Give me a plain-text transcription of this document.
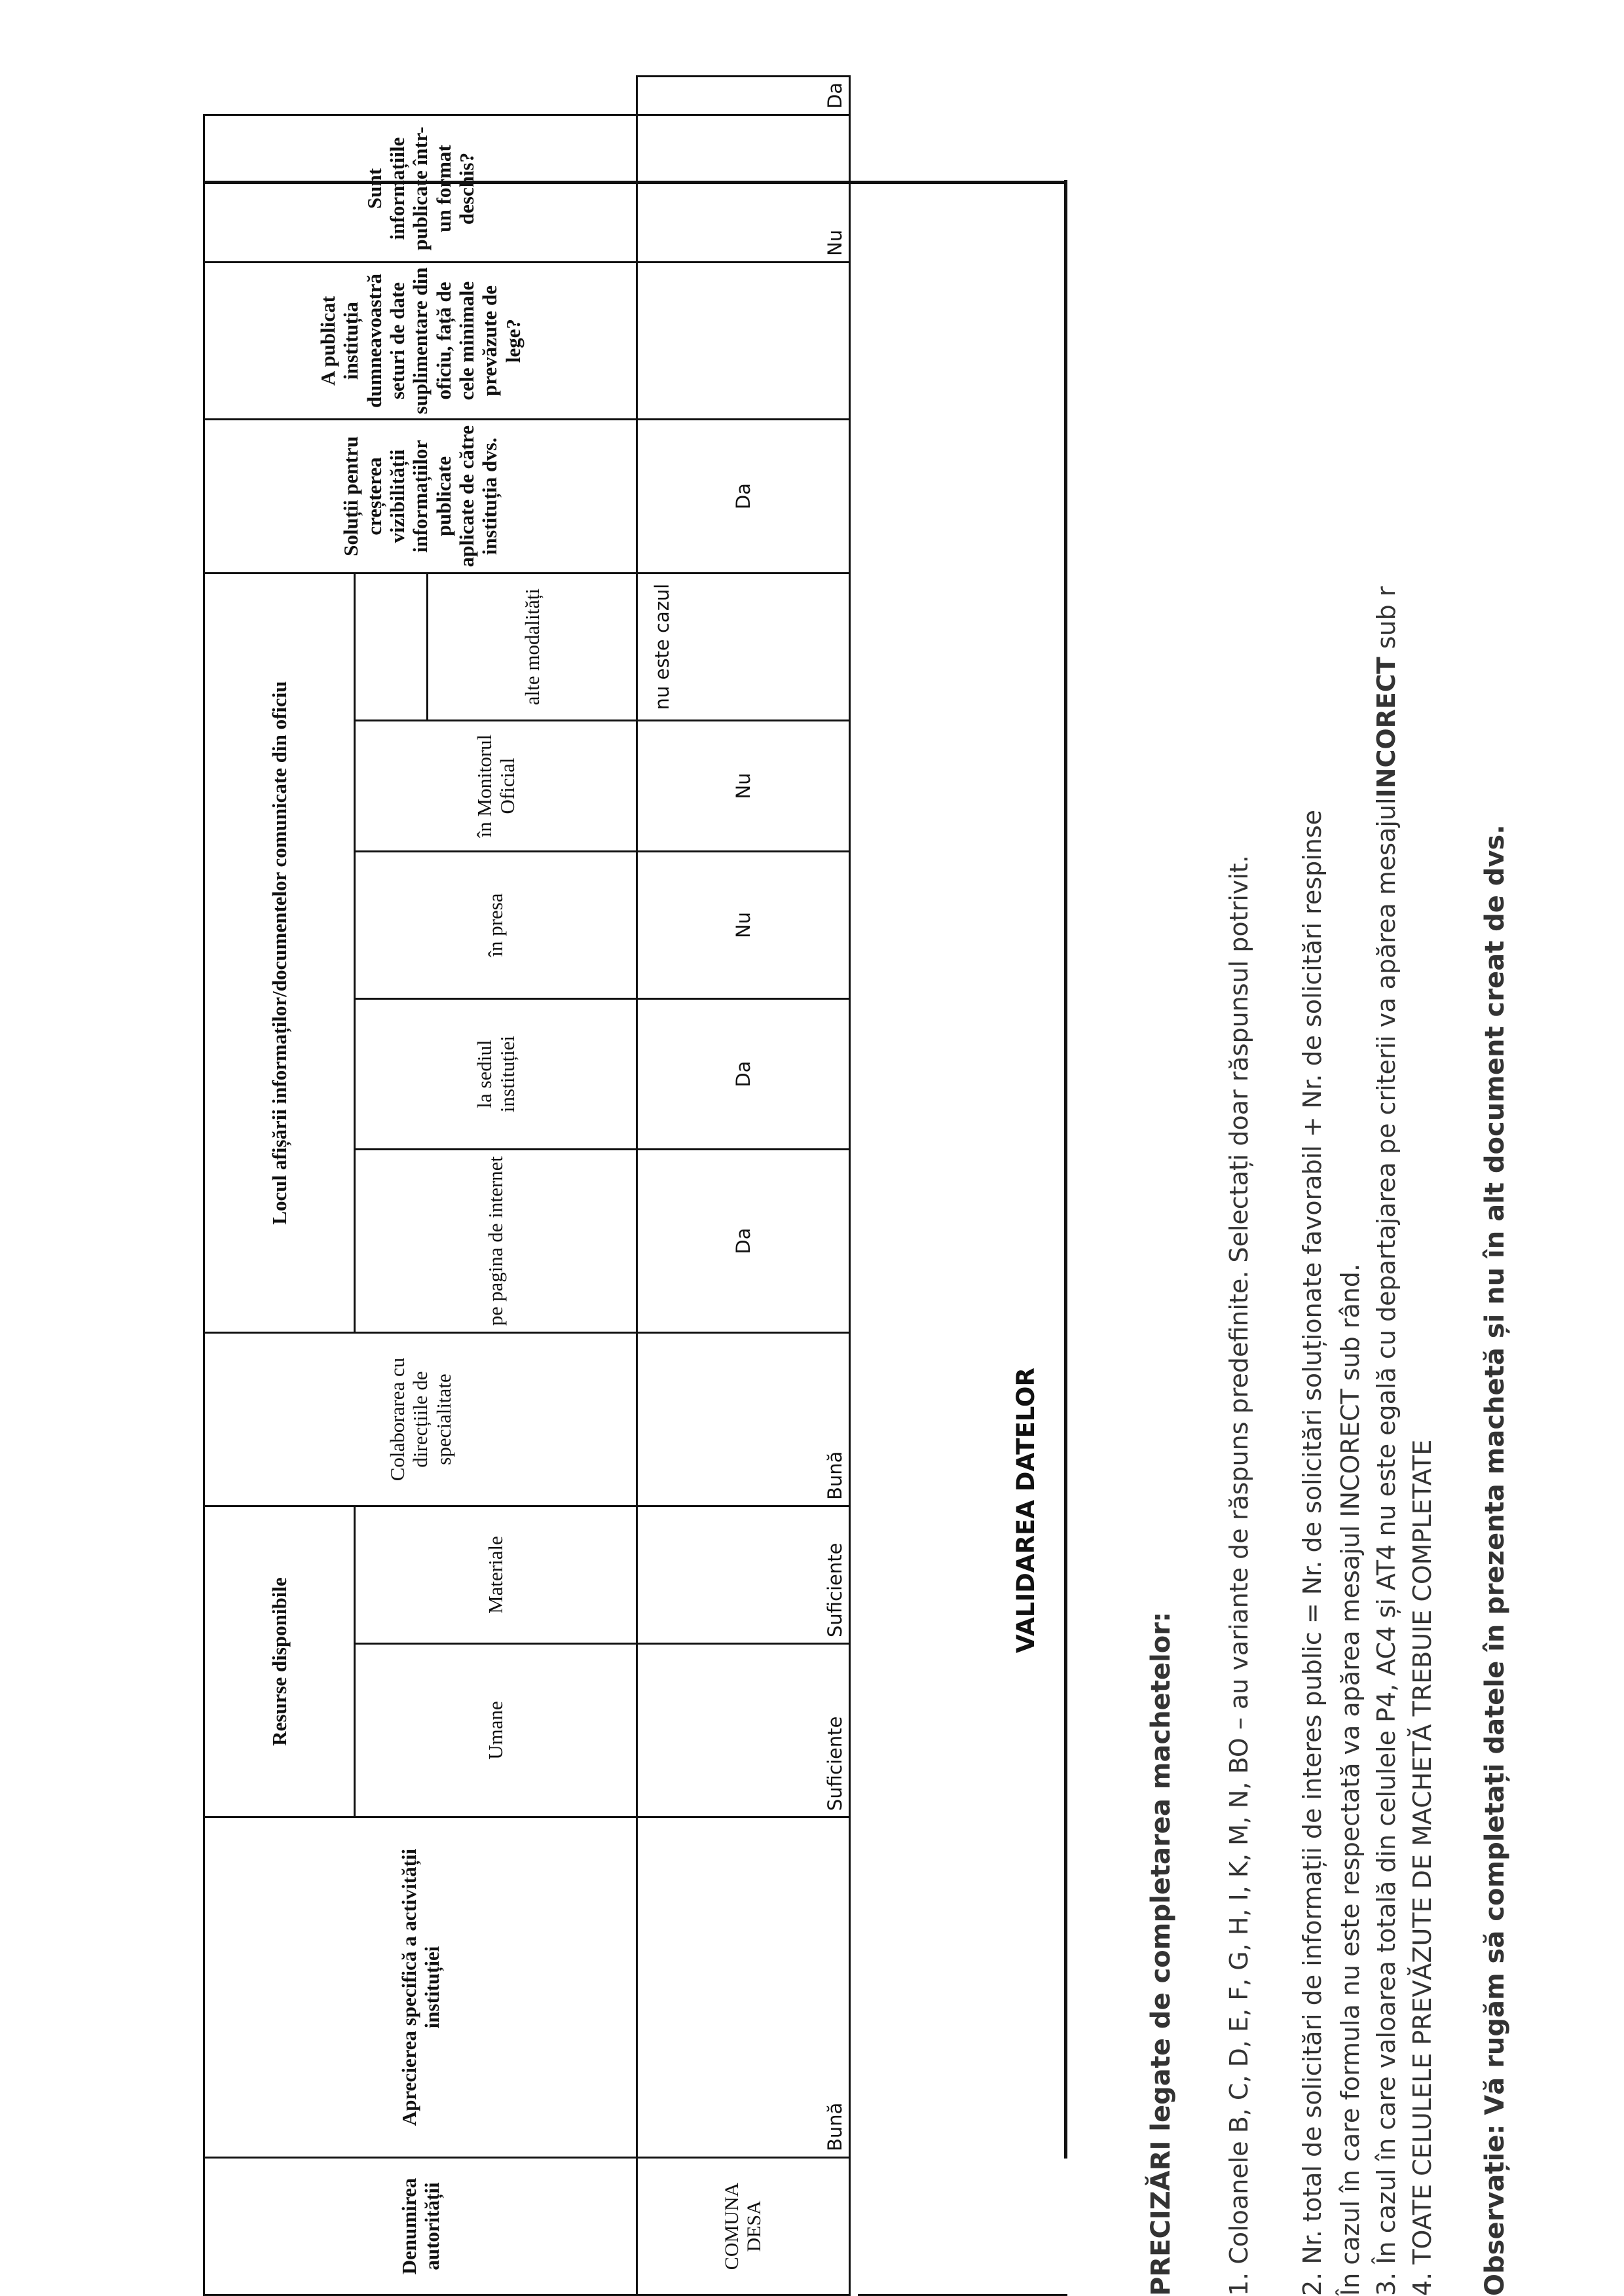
Denumirea autorității	Aprecierea specifică a activității instituției	Resurse disponibile		Colaborarea cu direcțiile de specialitate	Locul afișării informaților/documentelor comunicate din oficiu					Soluții pentru creșterea vizibilității informațiilor publicate aplicate de către instituția dvs.	A publicat instituția dumneavoastră seturi de date suplimentare din oficiu, față de cele minimale prevăzute de lege?	Sunt informațiile publicate într-un format deschis?	
		Umane	Materiale		pe pagina de internet	la sediul instituției	în presa	în Monitorul Oficial					
									alte modalități				
COMUNA DESA	Bună	Suficiente	Suficiente	Bună	Da	Da	Nu	Nu	nu este cazul	Da		Nu	Da
VALIDAREA DATELOR
PRECIZĂRI legate de completarea machetelor: 1. Coloanele B, C, D, E, F, G, H, I, K, M, N, BO – au variante de răspuns predefinite. Selectați doar răspunsul potrivit. 2. Nr. total de solicitări de informații de interes public = Nr. de solicitări soluționate favorabil + Nr. de solicitări respinse În cazul în care formula nu este respectată va apărea mesajul INCORECT sub rând. 3. În cazul în care valoarea totală din celulele P4, AC4 și AT4 nu este egală cu departajarea pe criterii va apărea mesajulINCORECT sub r
4. TOATE CELULELE PREVĂZUTE DE MACHETĂ TREBUIE COMPLETATE Observație: Vă rugăm să completați datele în prezenta machetă și nu în alt document creat de dvs.
